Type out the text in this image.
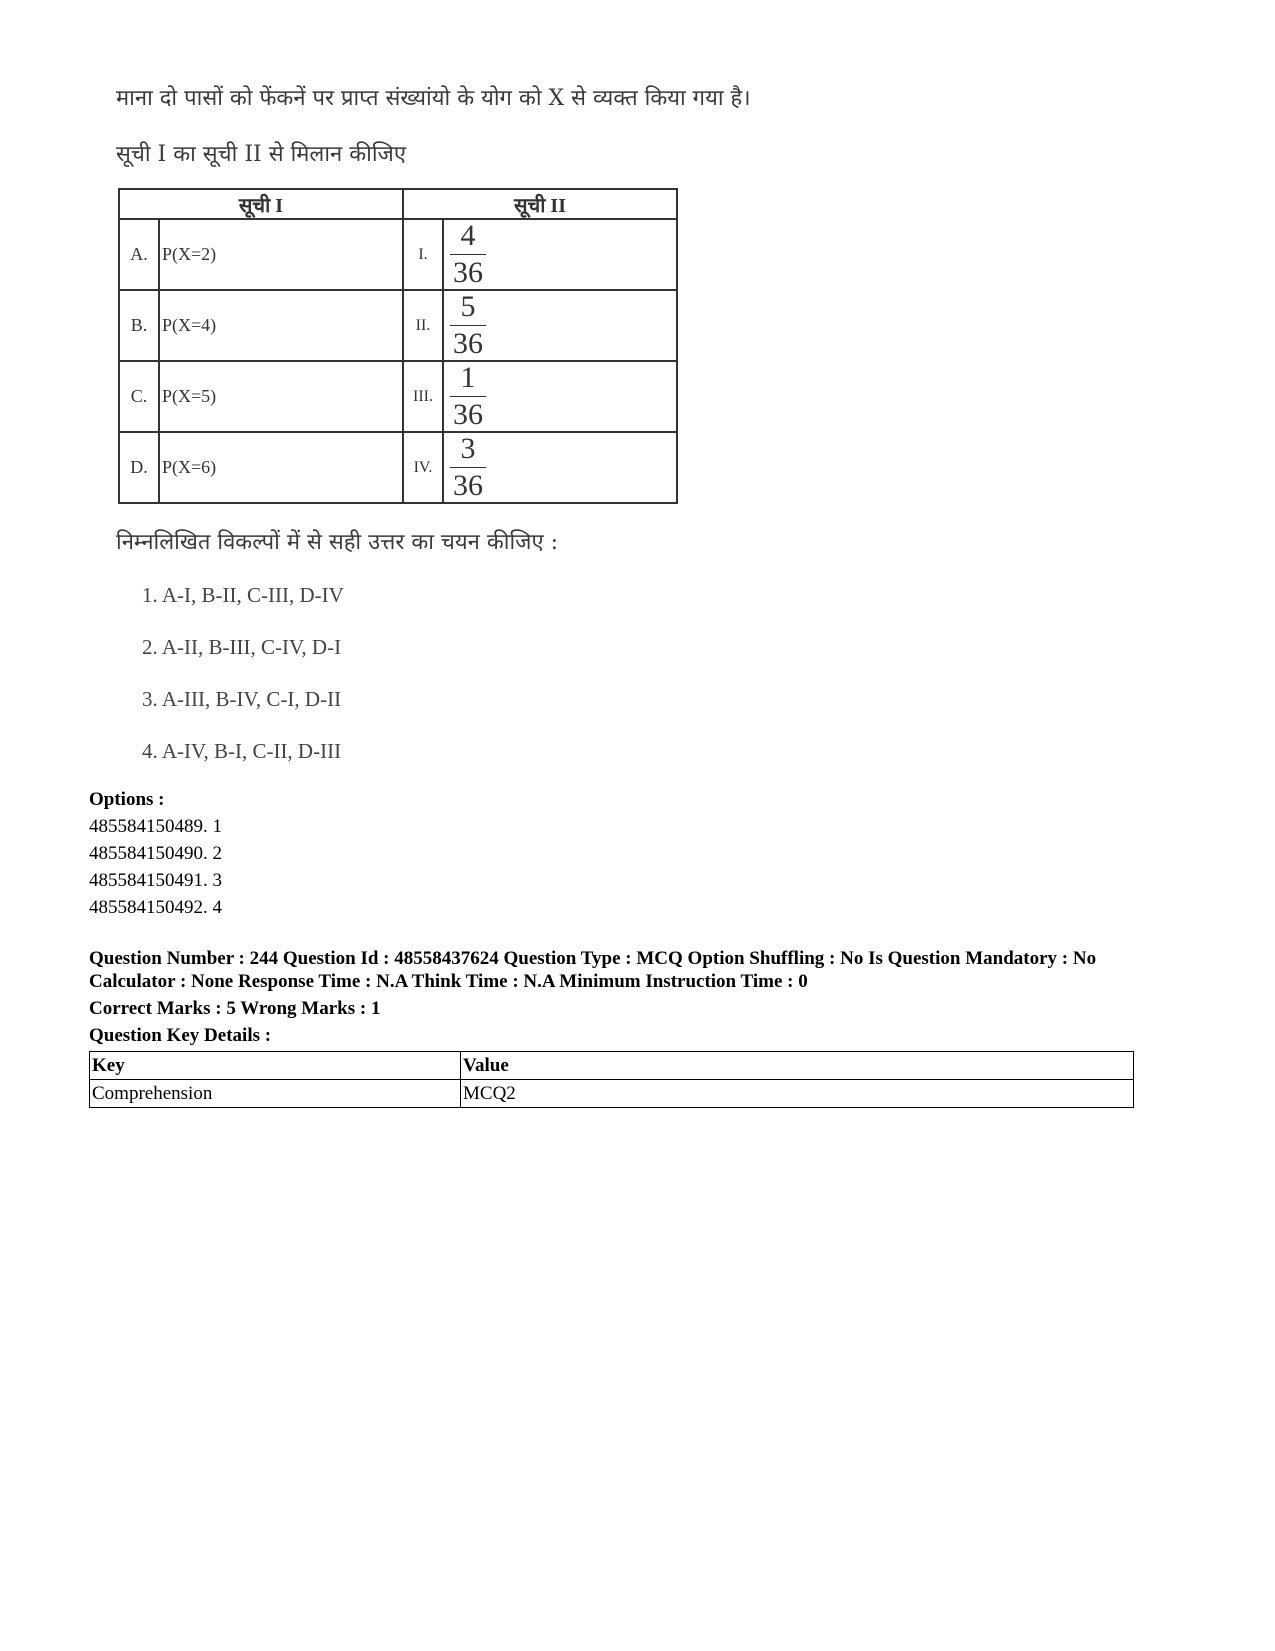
माना दो पासों को फेंकनें पर प्राप्त संख्यांयो के योग को X से व्यक्त किया गया है।

सूची I का सूची II से मिलान कीजिए

सूची I		सूची II	
A.	P(X=2)	I.	$\frac{4}{36}$

B.	P(X=4)	II.	$\frac{5}{36}$

C.	P(X=5)	III.	$\frac{1}{36}$

D.	P(X=6)	IV.	$\frac{3}{36}$

निम्नलिखित विकल्पों में से सही उत्तर का चयन कीजिए :

1. A-I, B-II, C-III, D-IV
2. A-II, B-III, C-IV, D-I
3. A-III, B-IV, C-I, D-II
4. A-IV, B-I, C-II, D-III
Options :
485584150489. 1
485584150490. 2
485584150491. 3
485584150492. 4
Question Number : 244 Question Id : 48558437624 Question Type : MCQ Option Shuffling : No Is Question Mandatory : No Calculator : None Response Time : N.A Think Time : N.A Minimum Instruction Time : 0
Correct Marks : 5 Wrong Marks : 1
Question Key Details :
Key	Value
Comprehension	MCQ2
